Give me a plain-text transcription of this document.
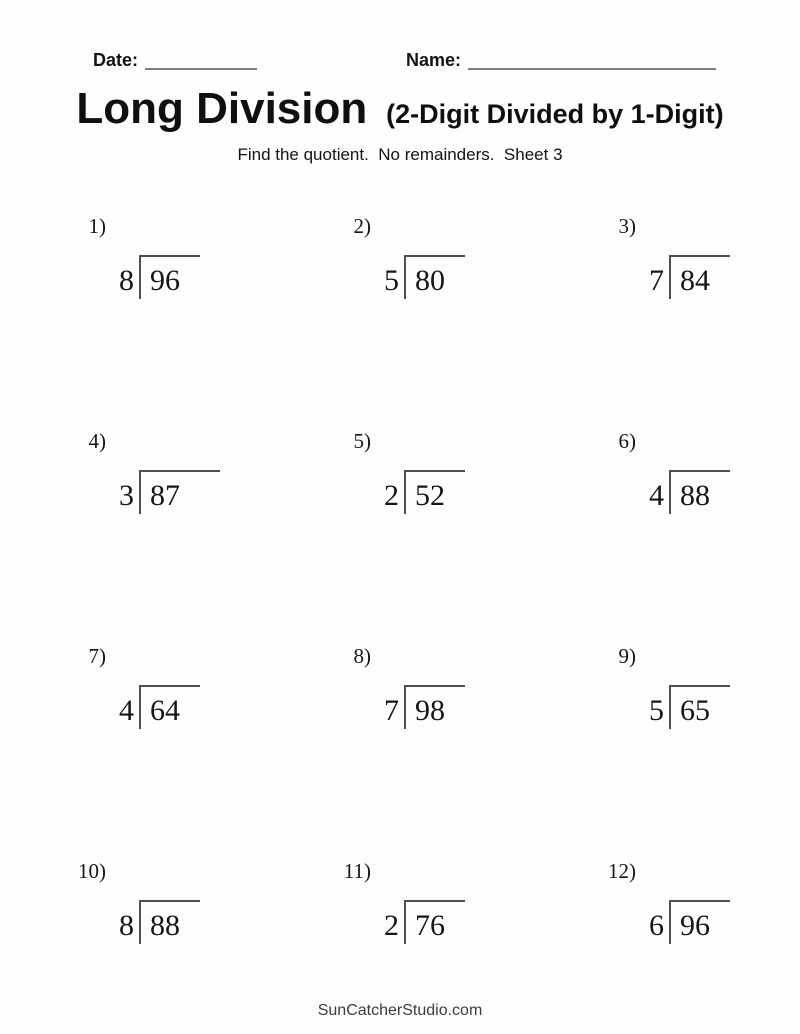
Date:	Name:
Long Division (2-Digit Divided by 1-Digit)
Find the quotient.  No remainders.  Sheet 3
1)
8 96
2)
5 80
3)
7 84
4)
3 87
5)
2 52
6)
4 88
7)
4 64
8)
7 98
9)
5 65
10)
8 88
11)
2 76
12)
6 96
SunCatcherStudio.com
